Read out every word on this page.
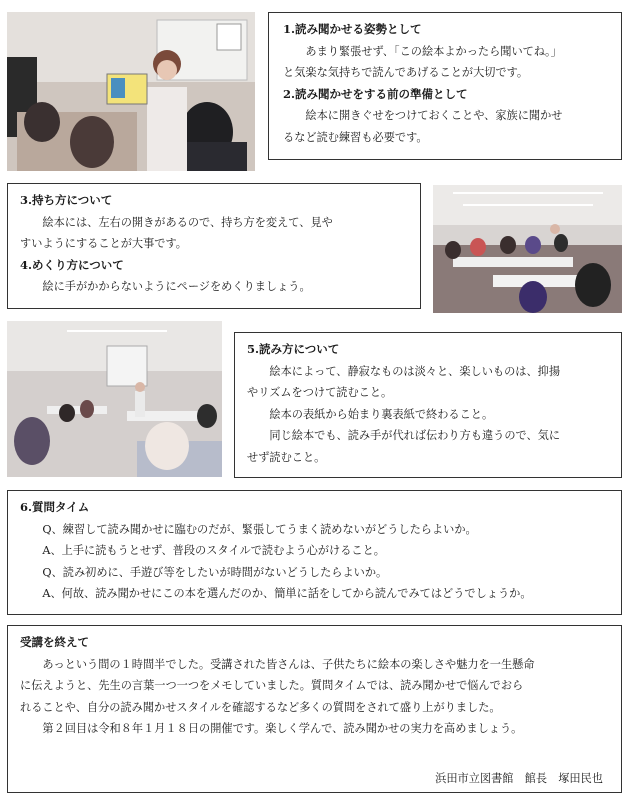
1.読み聞かせる姿勢として

あまり緊張せず、「この絵本よかったら聞いてね。」

と気楽な気持ちで読んであげることが大切です。

2.読み聞かせをする前の準備として

絵本に開きぐせをつけておくことや、家族に聞かせ

るなど読む練習も必要です。

3.持ち方について

絵本には、左右の開きがあるので、持ち方を変えて、見や

すいようにすることが大事です。

4.めくり方について

絵に手がかからないようにページをめくりましょう。

5.読み方について

絵本によって、静寂なものは淡々と、楽しいものは、抑揚

やリズムをつけて読むこと。

絵本の表紙から始まり裏表紙で終わること。

同じ絵本でも、読み手が代れば伝わり方も違うので、気に

せず読むこと。

6.質問タイム

Q、練習して読み聞かせに臨むのだが、緊張してうまく読めないがどうしたらよいか。

A、上手に読もうとせず、普段のスタイルで読むよう心がけること。

Q、読み初めに、手遊び等をしたいが時間がないどうしたらよいか。

A、何故、読み聞かせにこの本を選んだのか、簡単に話をしてから読んでみてはどうでしょうか。

受講を終えて

あっという間の１時間半でした。受講された皆さんは、子供たちに絵本の楽しさや魅力を一生懸命

に伝えようと、先生の言葉一つ一つをメモしていました。質問タイムでは、読み聞かせで悩んでおら

れることや、自分の読み聞かせスタイルを確認するなど多くの質問をされて盛り上がりました。

第２回目は令和８年１月１８日の開催です。楽しく学んで、読み聞かせの実力を高めましょう。

浜田市立図書館　館長　塚田民也
